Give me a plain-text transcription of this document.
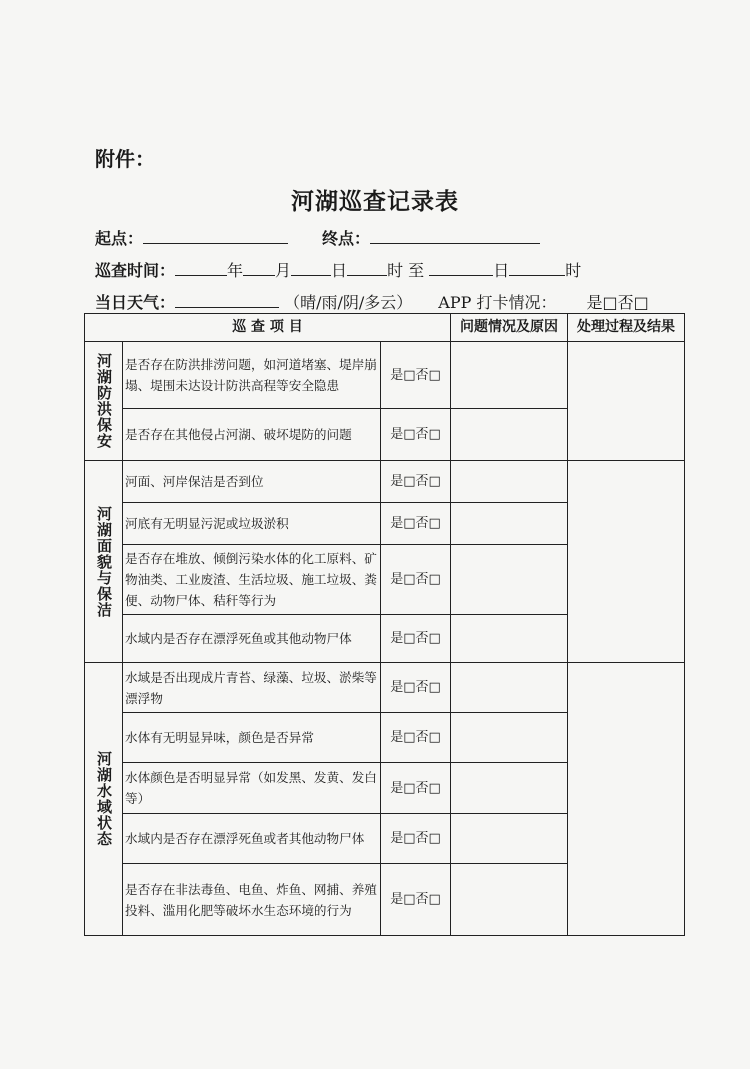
附件：
河湖巡查记录表
起点：	终点：
巡查时间：	年 月	日	时 至	日	时
当日天气：	（晴/雨/阴/多云） APP 打卡情况： 是□否□
巡 查 项 目			问题情况及原因	处理过程及结果

河湖防洪保安	是否存在防洪排涝问题，如河道堵塞、堤岸崩塌、堤围未达设计防洪高程等安全隐患	是□否□		
	是否存在其他侵占河湖、破坏堤防的问题	是□否□		

河湖面貌与保洁	河面、河岸保洁是否到位	是□否□		
	河底有无明显污泥或垃圾淤积	是□否□		
	是否存在堆放、倾倒污染水体的化工原料、矿物油类、工业废渣、生活垃圾、施工垃圾、粪便、动物尸体、秸秆等行为	是□否□		
	水域内是否存在漂浮死鱼或其他动物尸体	是□否□		

河湖水域状态	水域是否出现成片青苔、绿藻、垃圾、淤柴等漂浮物	是□否□		
	水体有无明显异味，颜色是否异常	是□否□		
	水体颜色是否明显异常（如发黑、发黄、发白等）	是□否□		
	水域内是否存在漂浮死鱼或者其他动物尸体	是□否□		
	是否存在非法毒鱼、电鱼、炸鱼、网捕、养殖投料、滥用化肥等破坏水生态环境的行为	是□否□		
